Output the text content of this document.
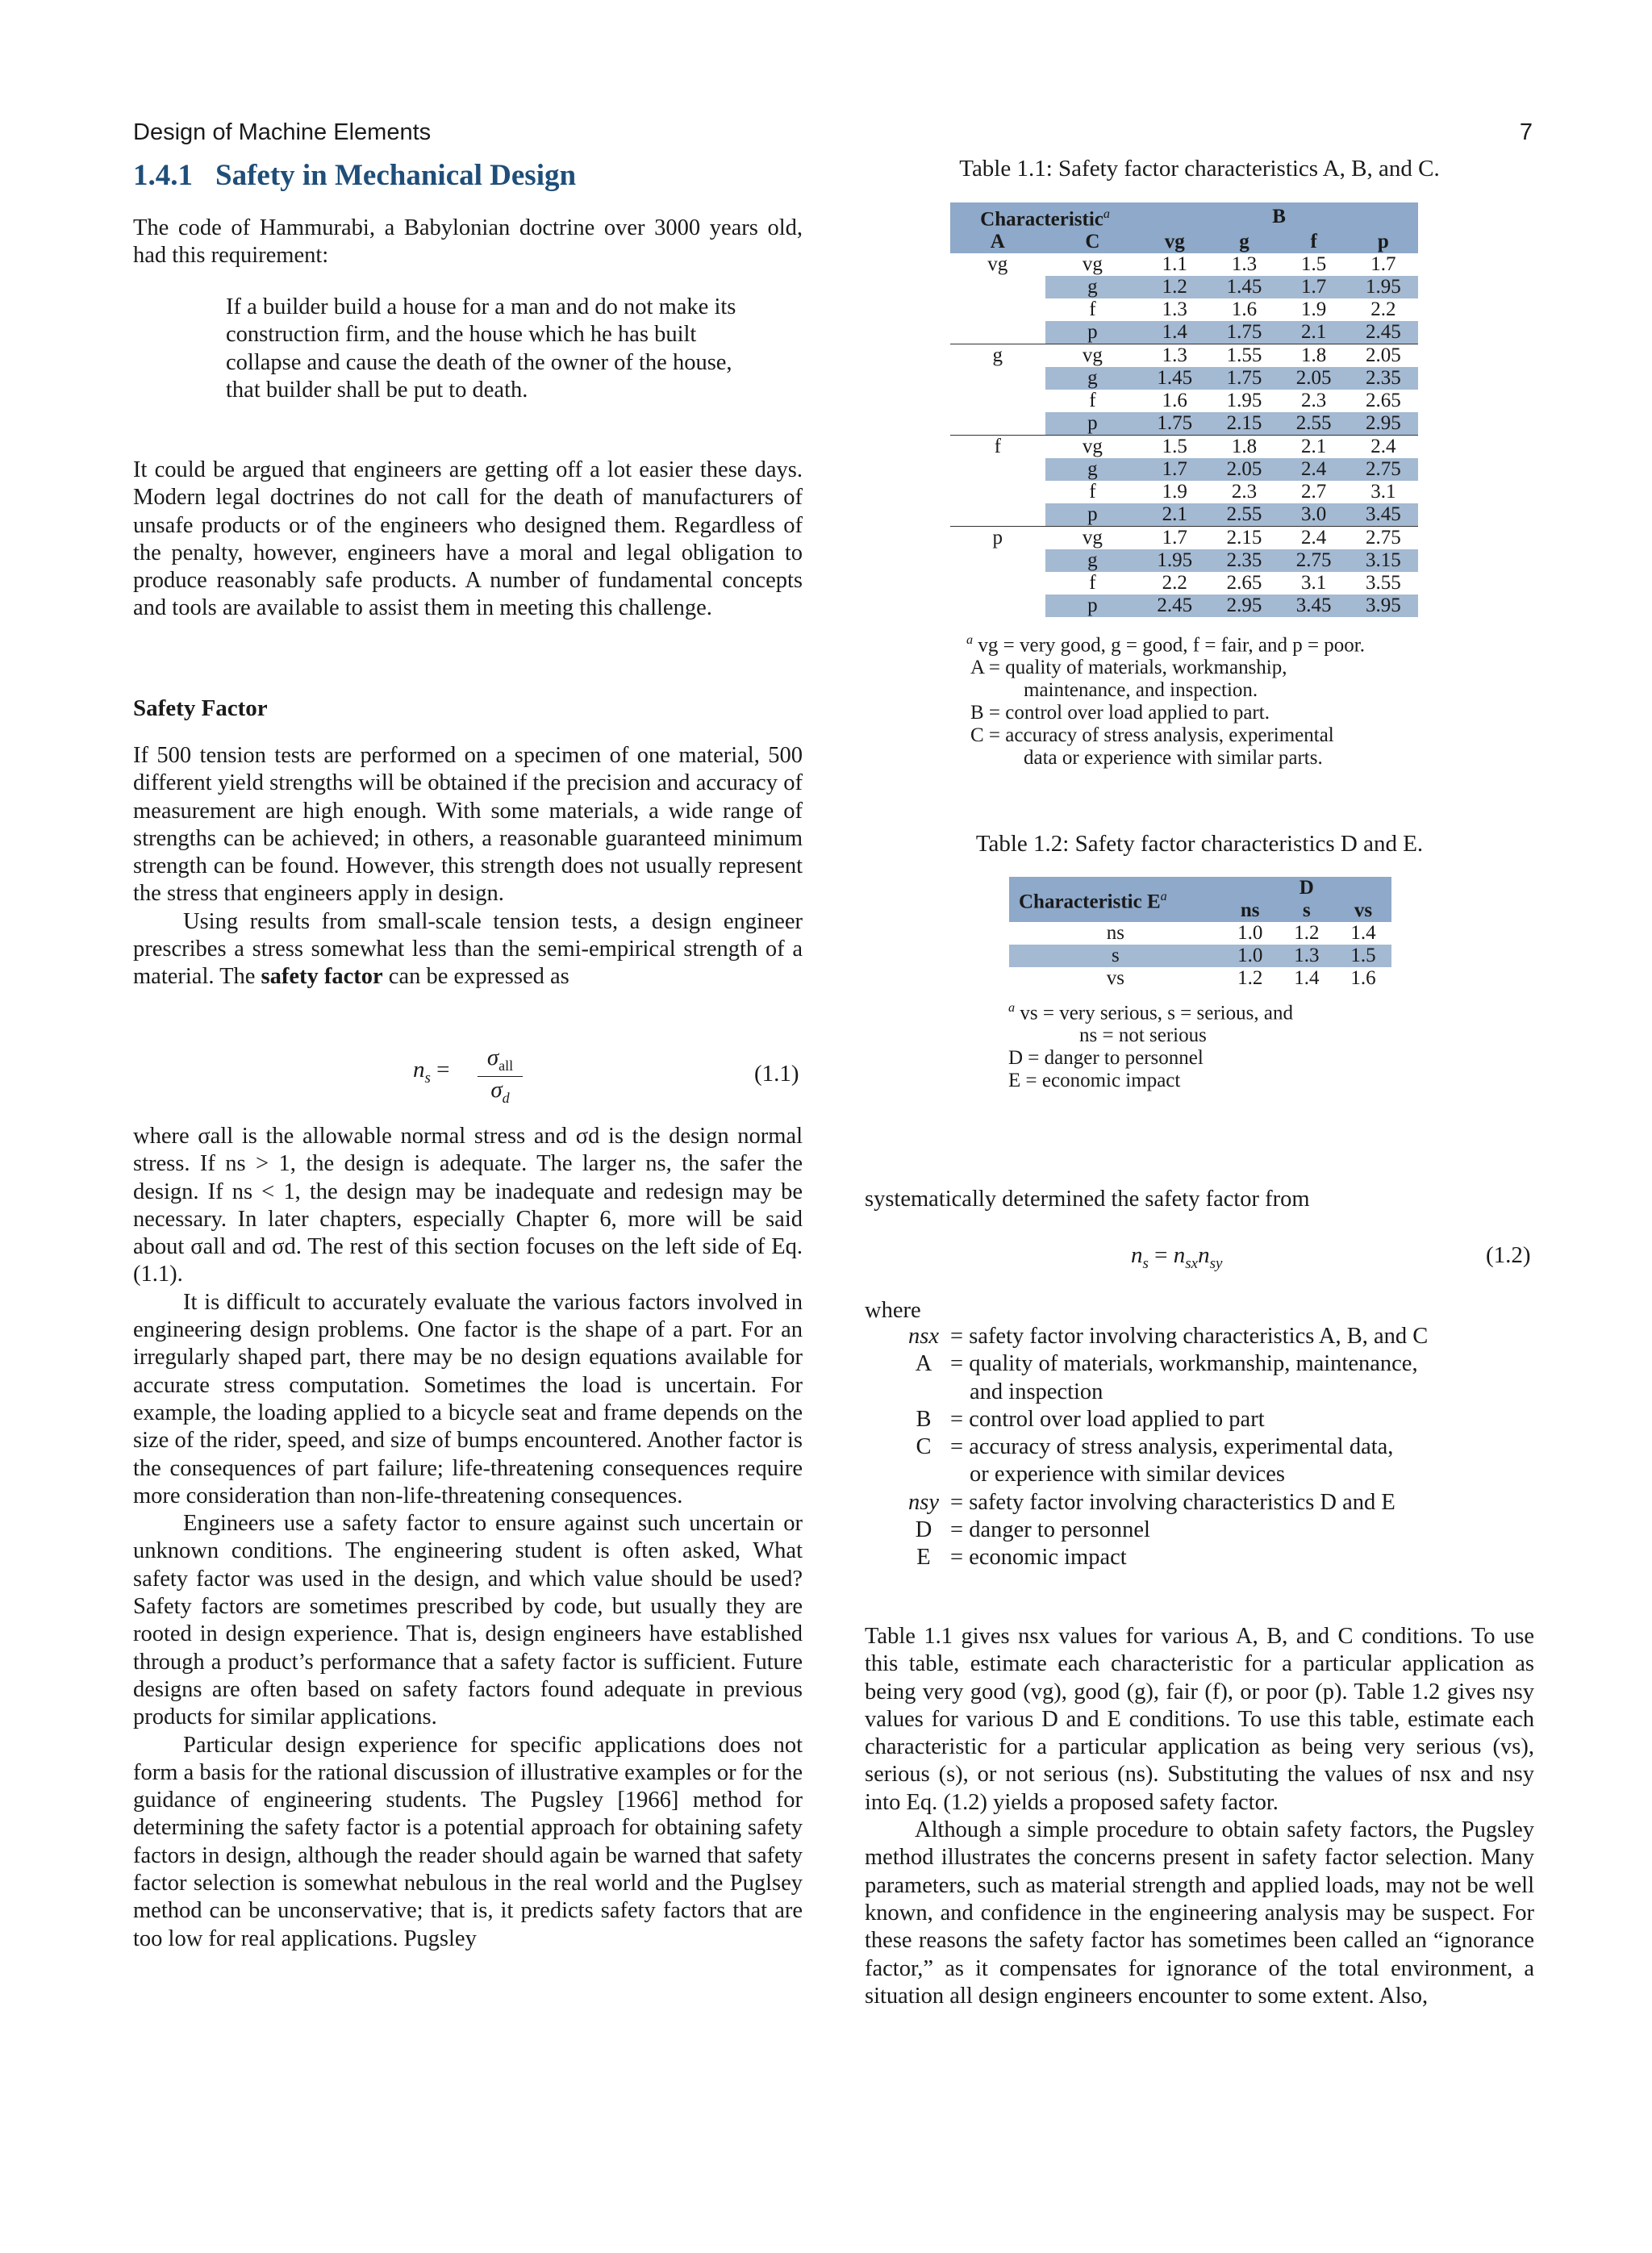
Design of Machine Elements	7
1.4.1 Safety in Mechanical Design

The code of Hammurabi, a Babylonian doctrine over 3000 years old, had this requirement:

If a builder build a house for a man and do not make its construction firm, and the house which he has built collapse and cause the death of the owner of the house, that builder shall be put to death.

It could be argued that engineers are getting off a lot easier these days. Modern legal doctrines do not call for the death of manufacturers of unsafe products or of the engineers who designed them. Regardless of the penalty, however, engineers have a moral and legal obligation to produce reasonably safe products. A number of fundamental concepts and tools are available to assist them in meeting this challenge.

Safety Factor

If 500 tension tests are performed on a specimen of one material, 500 different yield strengths will be obtained if the precision and accuracy of measurement are high enough. With some materials, a wide range of strengths can be achieved; in others, a reasonable guaranteed minimum strength can be found. However, this strength does not usually represent the stress that engineers apply in design.

Using results from small-scale tension tests, a design engineer prescribes a stress somewhat less than the semi-empirical strength of a material. The safety factor can be expressed as

$n_s$ =	$\sigma_{all}$
$\sigma_d$
(1.1)

where σall is the allowable normal stress and σd is the design normal stress. If ns > 1, the design is adequate. The larger ns, the safer the design. If ns < 1, the design may be inadequate and redesign may be necessary. In later chapters, especially Chapter 6, more will be said about σall and σd. The rest of this section focuses on the left side of Eq. (1.1).

It is difficult to accurately evaluate the various factors involved in engineering design problems. One factor is the shape of a part. For an irregularly shaped part, there may be no design equations available for accurate stress computation. Sometimes the load is uncertain. For example, the loading applied to a bicycle seat and frame depends on the size of the rider, speed, and size of bumps encountered. Another factor is the consequences of part failure; life-threatening consequences require more consideration than non-life-threatening consequences.

Engineers use a safety factor to ensure against such uncertain or unknown conditions. The engineering student is often asked, What safety factor was used in the design, and which value should be used? Safety factors are sometimes prescribed by code, but usually they are rooted in design experience. That is, design engineers have established through a product’s performance that a safety factor is sufficient. Future designs are often based on safety factors found adequate in previous products for similar applications.

Particular design experience for specific applications does not form a basis for the rational discussion of illustrative examples or for the guidance of engineering students. The Pugsley [1966] method for determining the safety factor is a potential approach for obtaining safety factors in design, although the reader should again be warned that safety factor selection is somewhat nebulous in the real world and the Puglsey method can be unconservative; that is, it predicts safety factors that are too low for real applications. Pugsley

Table 1.1: Safety factor characteristics A, B, and C.
Characteristic$^a$		B			
A	C	vg	g	f	p
vg	vg	1.1	1.3	1.5	1.7
	g	1.2	1.45	1.7	1.95
	f	1.3	1.6	1.9	2.2
	p	1.4	1.75	2.1	2.45
g	vg	1.3	1.55	1.8	2.05
	g	1.45	1.75	2.05	2.35
	f	1.6	1.95	2.3	2.65
	p	1.75	2.15	2.55	2.95
f	vg	1.5	1.8	2.1	2.4
	g	1.7	2.05	2.4	2.75
	f	1.9	2.3	2.7	3.1
	p	2.1	2.55	3.0	3.45
p	vg	1.7	2.15	2.4	2.75
	g	1.95	2.35	2.75	3.15
	f	2.2	2.65	3.1	3.55
	p	2.45	2.95	3.45	3.95
$^a$ vg = very good, g = good, f = fair, and p = poor.
A = quality of materials, workmanship,
maintenance, and inspection.
B = control over load applied to part.
C = accuracy of stress analysis, experimental
data or experience with similar parts.
Table 1.2: Safety factor characteristics D and E.
Characteristic $E^a$	D		
	ns	s	vs
ns	1.0	1.2	1.4
s	1.0	1.3	1.5
vs	1.2	1.4	1.6
$^a$ vs = very serious, s = serious, and
ns = not serious
D = danger to personnel
E = economic impact

systematically determined the safety factor from

$n_s = n_{sx}n_{sy}$	(1.2)

where

nsx	= safety factor involving characteristics A, B, and C
A	= quality of materials, workmanship, maintenance,
	and inspection
B	= control over load applied to part
C	= accuracy of stress analysis, experimental data,
	or experience with similar devices
nsy	= safety factor involving characteristics D and E
D	= danger to personnel
E	= economic impact

Table 1.1 gives nsx values for various A, B, and C conditions. To use this table, estimate each characteristic for a particular application as being very good (vg), good (g), fair (f), or poor (p). Table 1.2 gives nsy values for various D and E conditions. To use this table, estimate each characteristic for a particular application as being very serious (vs), serious (s), or not serious (ns). Substituting the values of nsx and nsy into Eq. (1.2) yields a proposed safety factor.

Although a simple procedure to obtain safety factors, the Pugsley method illustrates the concerns present in safety factor selection. Many parameters, such as material strength and applied loads, may not be well known, and confidence in the engineering analysis may be suspect. For these reasons the safety factor has sometimes been called an “ignorance factor,” as it compensates for ignorance of the total environment, a situation all design engineers encounter to some extent. Also,
